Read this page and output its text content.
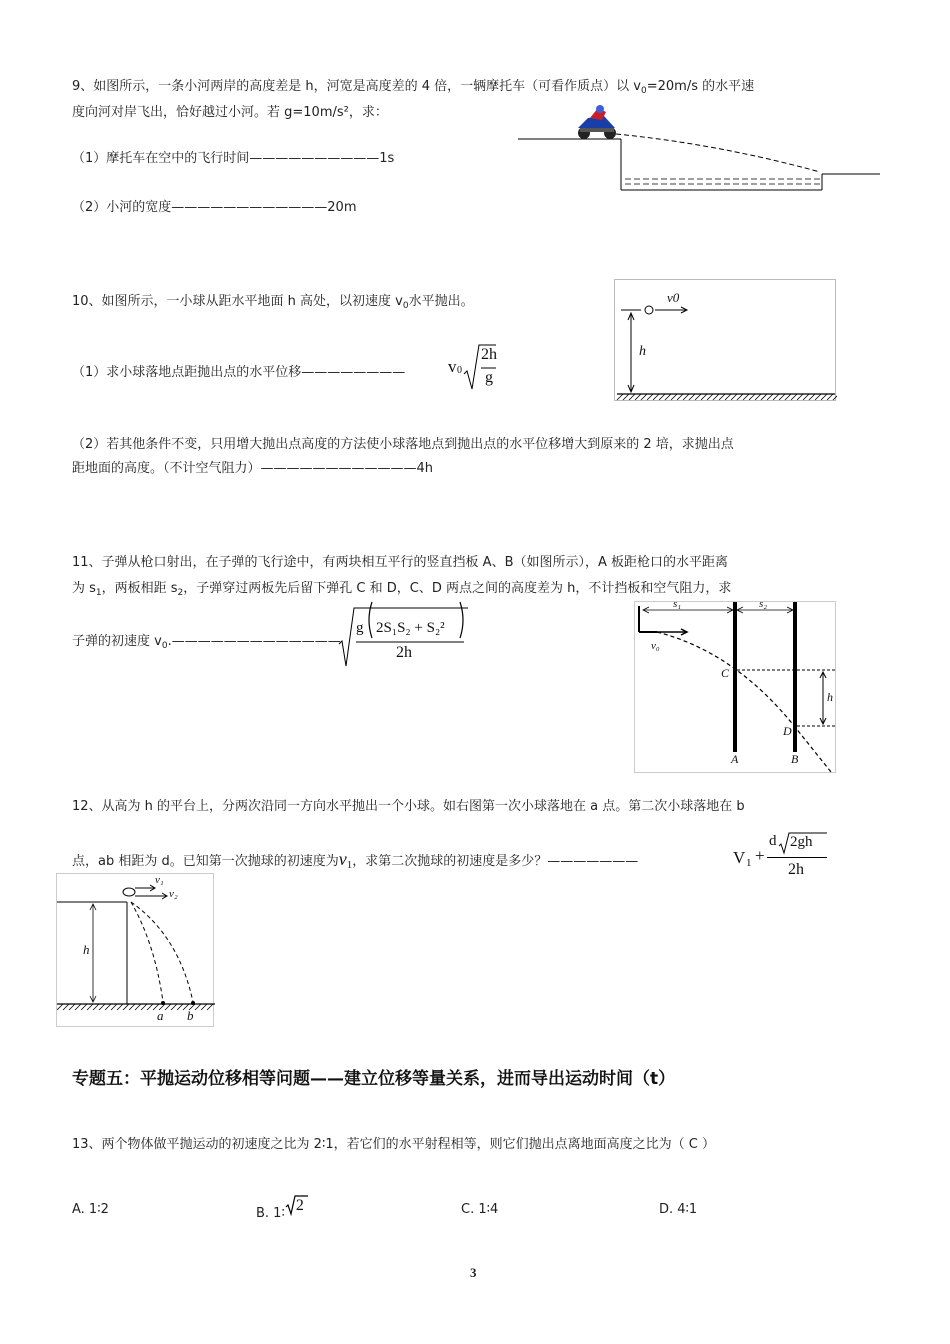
9、如图所示，一条小河两岸的高度差是 h，河宽是高度差的 4 倍，一辆摩托车（可看作质点）以 $v_0=20m/s$ 的水平速
度向河对岸飞出，恰好越过小河。若 g=10m/s²，求：
（1）摩托车在空中的飞行时间——————————1s
（2）小河的宽度————————————20m
10、如图所示，一小球从距水平地面 h 高处，以初速度 $v_0$水平抛出。
（1）求小球落地点距抛出点的水平位移————————	v 0
2h
g
（2）若其他条件不变，只用增大抛出点高度的方法使小球落地点到抛出点的水平位移增大到原来的 2 培，求抛出点
距地面的高度。（不计空气阻力）————————————4h
v0
h
11、子弹从枪口射出，在子弹的飞行途中，有两块相互平行的竖直挡板 A、B（如图所示），A 板距枪口的水平距离
为 $s_1$，两板相距 $s_2$，子弹穿过两板先后留下弹孔 C 和 D，C、D 两点之间的高度差为 h，不计挡板和空气阻力，求
子弹的初速度 $v_0.—————————————$
g 2S₁S₂ + S₂²
2h
s₁	s₂
v₀
C
D
h
A	B
12、从高为 h 的平台上，分两次沿同一方向水平抛出一个小球。如右图第一次小球落地在 a 点。第二次小球落地在 b
点，ab 相距为 d。已知第一次抛球的初速度为$v_1$，求第二次抛球的初速度是多少？———————	V 1 +
d 2gh
2h
v₁
v₂
h
a b
专题五：平抛运动位移相等问题——建立位移等量关系，进而导出运动时间（t）
13、两个物体做平抛运动的初速度之比为 2∶1，若它们的水平射程相等，则它们抛出点离地面高度之比为（ C ）
A. 1∶2	B. 1∶ 2	C. 1∶4	D. 4∶1
3
